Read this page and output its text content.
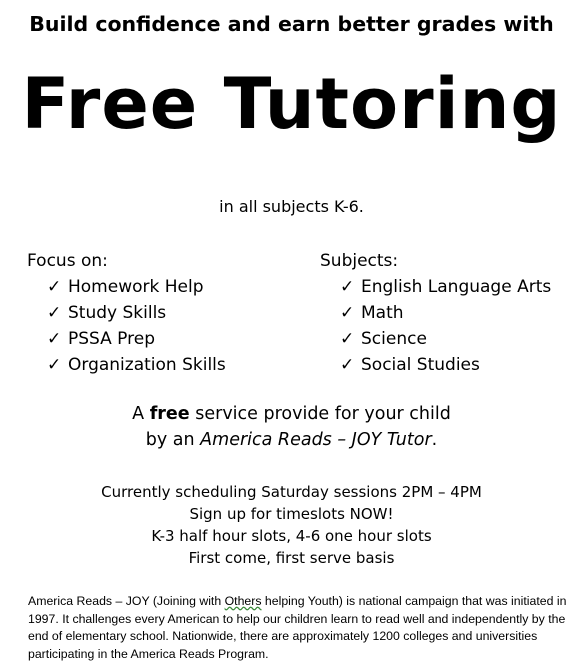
Build confidence and earn better grades with
Free Tutoring
in all subjects K-6.
Focus on:
✓ Homework Help
✓ Study Skills
✓ PSSA Prep
✓ Organization Skills
Subjects:
✓ English Language Arts
✓ Math
✓ Science
✓ Social Studies
A free service provide for your child
by an America Reads – JOY Tutor.
Currently scheduling Saturday sessions 2PM – 4PM
Sign up for timeslots NOW!
K-3 half hour slots, 4-6 one hour slots
First come, first serve basis
America Reads – JOY (Joining with Others helping Youth) is national campaign that was initiated in 1997. It challenges every American to help our children learn to read well and independently by the end of elementary school. Nationwide, there are approximately 1200 colleges and universities participating in the America Reads Program.
